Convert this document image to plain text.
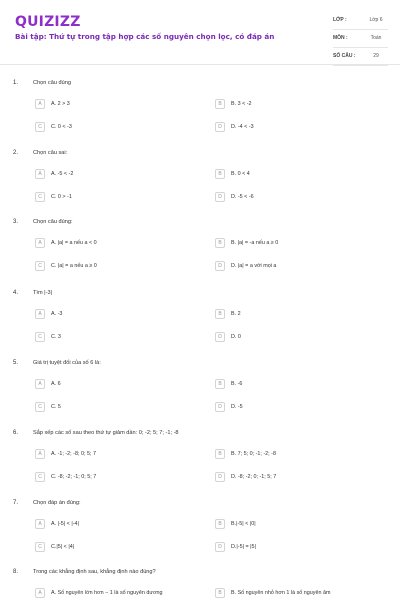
QUIZIZZ
Bài tập: Thứ tự trong tập hợp các số nguyên chọn lọc, có đáp án
LỚP :	Lớp 6
MÔN :	Toán
SỐ CÂU :	29
1.	Chọn câu đúng
A	A. 2 > 3	B	B. 3 < -2
C	C. 0 < -3	D	D. -4 < -3
2.	Chọn câu sai:
A	A. -5 < -2	B	B. 0 < 4
C	C. 0 > -1	D	D. -5 < -6
3.	Chọn câu đúng:
A	A. |a| = a nếu a < 0	B	B. |a| = -a nếu a ≥ 0
C	C. |a| = a nếu a ≥ 0	D	D. |a| = a với mọi a
4.	Tìm |-3|
A	A. -3	B	B. 2
C	C. 3	D	D. 0
5.	Giá trị tuyệt đối của số 6 là:
A	A. 6	B	B. -6
C	C. 5	D	D. -5
6.	Sắp xếp các số sau theo thứ tự giảm dần: 0; -2; 5; 7; -1; -8
A	A. -1; -2; -8; 0; 5; 7	B	B. 7; 5; 0; -1; -2; -8
C	C. -8; -2; -1; 0; 5; 7	D	D. -8; -2; 0; -1; 5; 7
7.	Chọn đáp án đúng:
A	A. |-5| < |-4|	B	B.|-5| < |0|
C	C.|5| < |4|	D	D.|-5| = |5|
8.	Trong các khẳng định sau, khẳng định nào đúng?
A	A. Số nguyên lớn hơn − 1 là số nguyên dương	B	B. Số nguyên nhỏ hơn 1 là số nguyên âm
